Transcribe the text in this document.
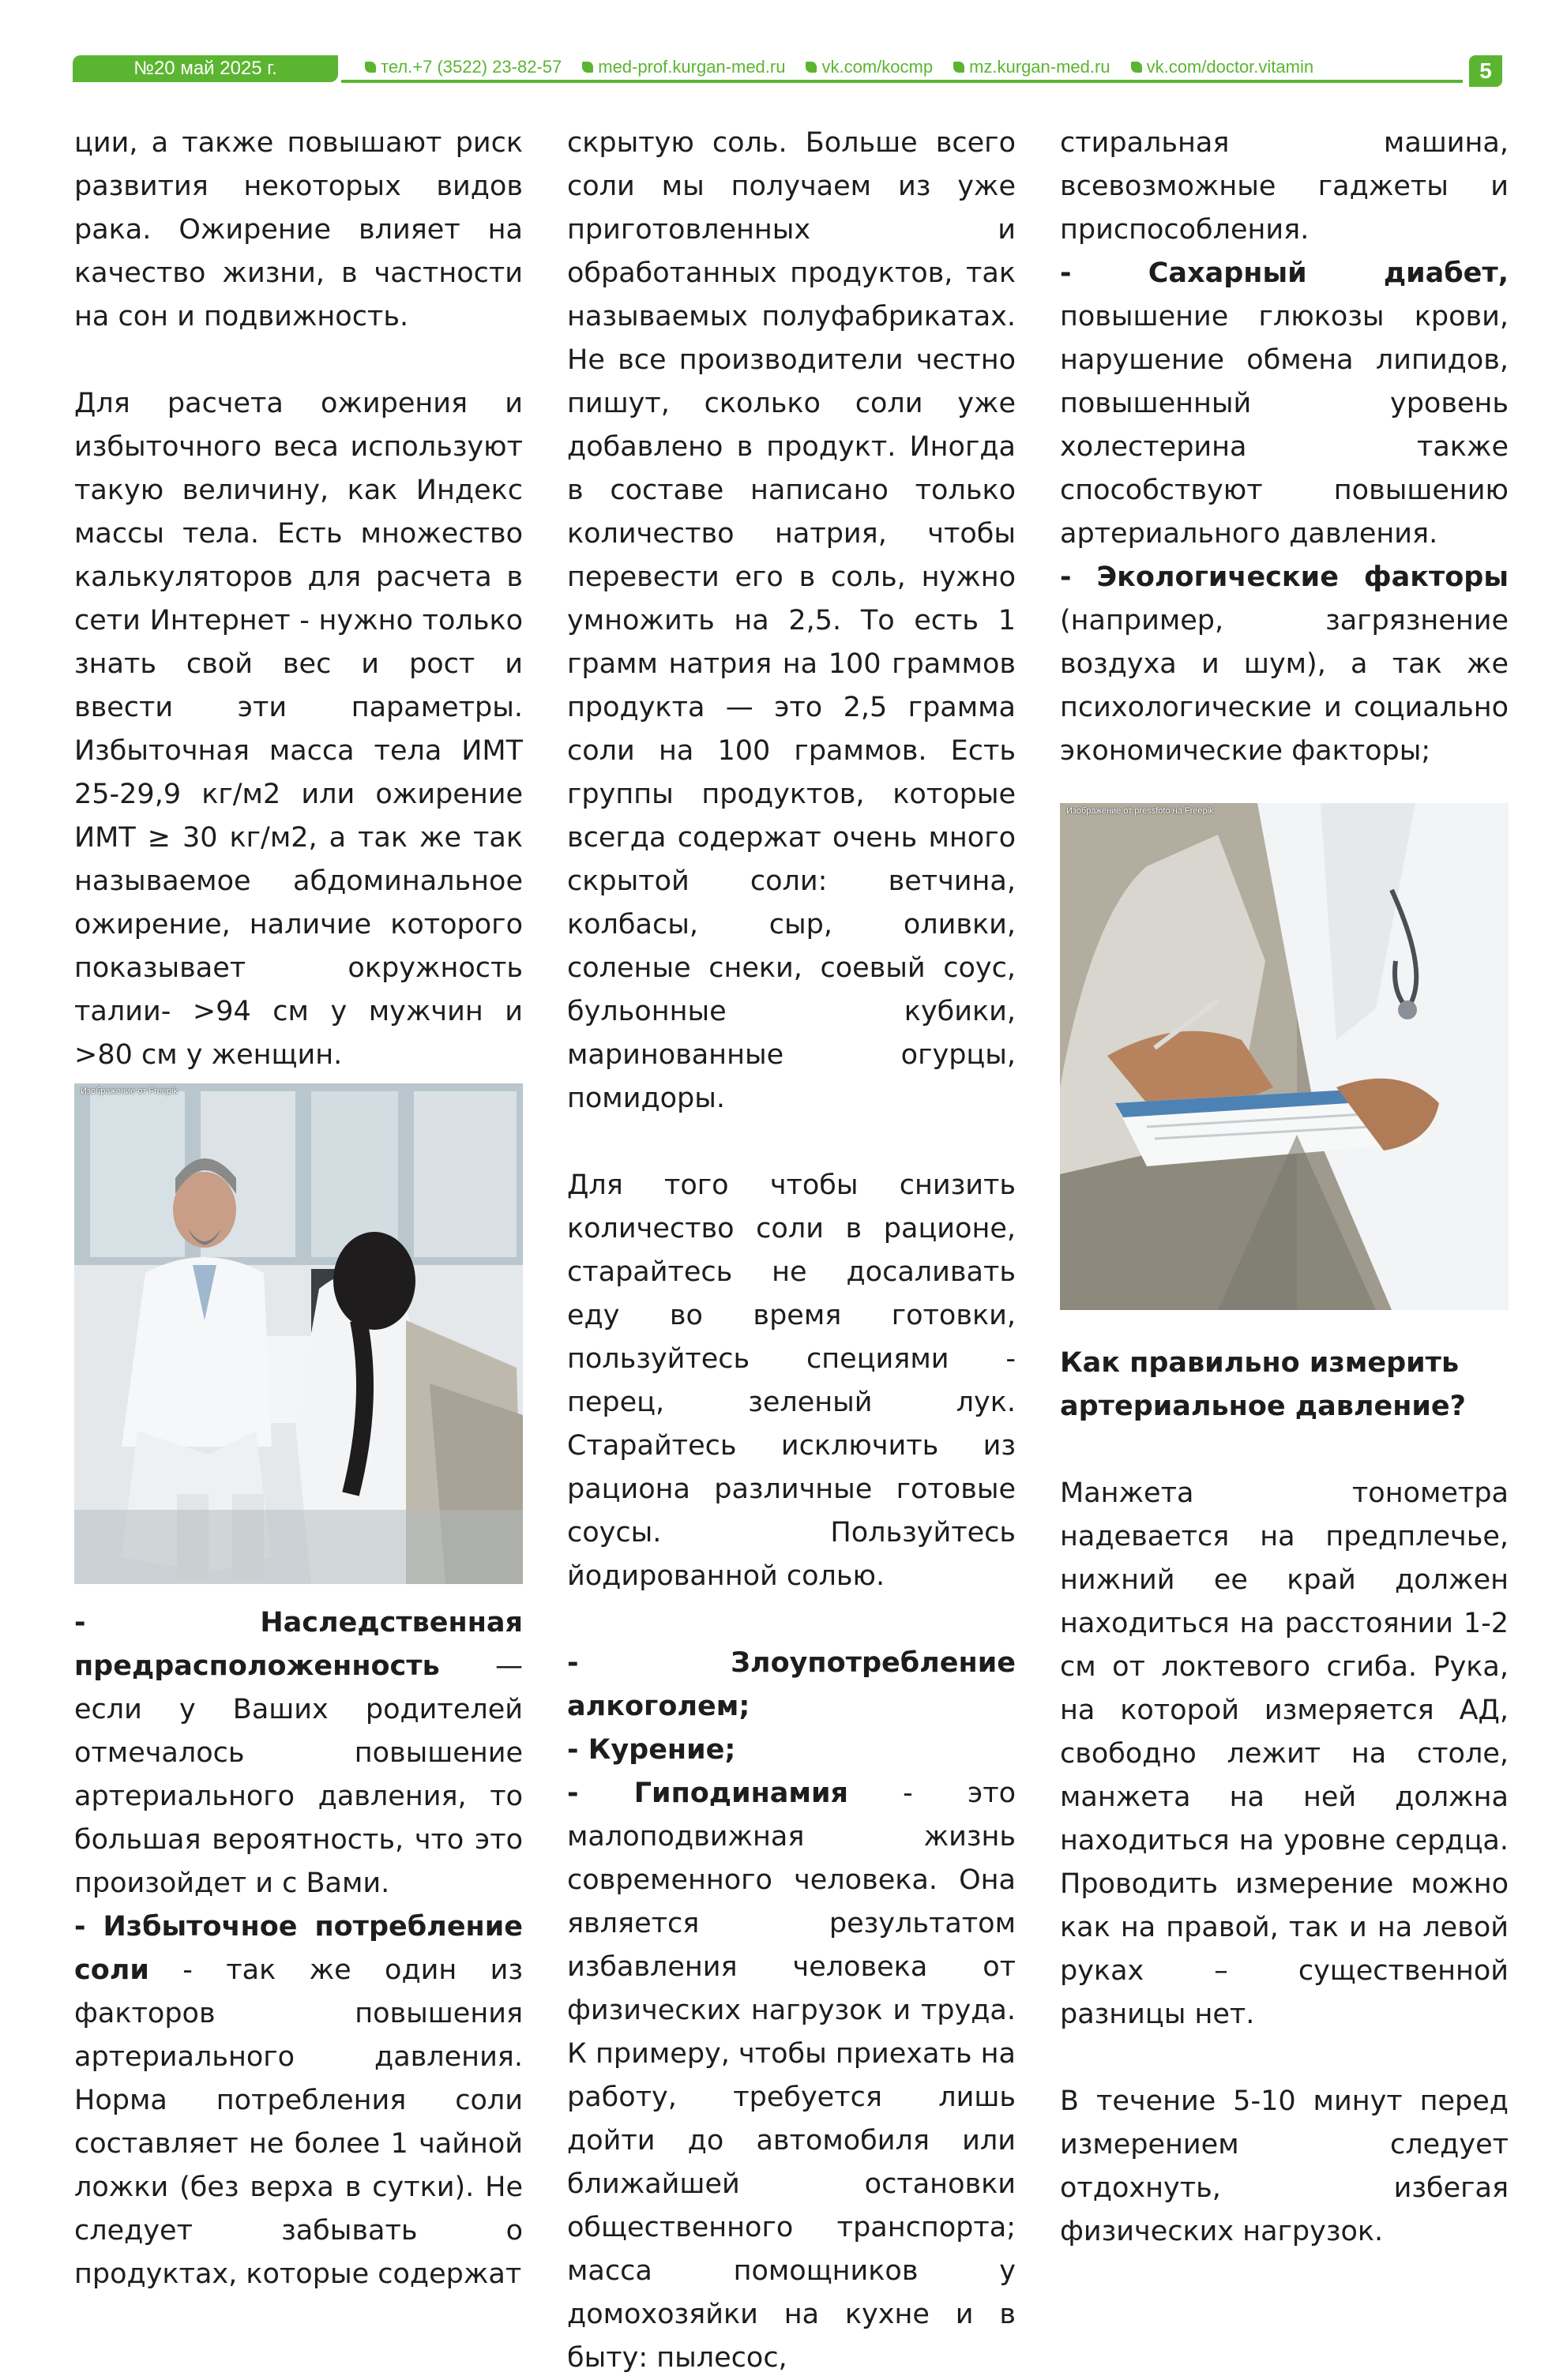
№20 май 2025 г.	тел.+7 (3522) 23-82-57 med-prof.kurgan-med.ru vk.com/kocmp mz.kurgan-med.ru vk.com/doctor.vitamin	5

ции, а также повышают риск развития некоторых видов рака. Ожирение влияет на качество жизни, в частности на сон и подвижность.

Для расчета ожирения и избыточного веса используют такую величину, как Индекс массы тела. Есть множество калькуляторов для расчета в сети Интернет - нужно только знать свой вес и рост и ввести эти параметры. Избыточная масса тела ИМТ 25-29,9 кг/м2 или ожирение ИМТ ≥ 30 кг/м2, а так же так называемое абдоминальное ожирение, наличие которого показывает окружность талии- >94 см у мужчин и >80 см у женщин.

Изображение от Freepik

- Наследственная предрасположенность — если у Ваших родителей отмечалось повышение артериального давления, то большая вероятность, что это произойдет и с Вами.

- Избыточное потребление соли - так же один из факторов повышения артериального давления. Норма потребления соли составляет не более 1 чайной ложки (без верха в сутки). Не следует забывать о продуктах, которые содержат

скрытую соль. Больше всего соли мы получаем из уже приготовленных и обработанных продуктов, так называемых полуфабрикатах. Не все производители честно пишут, сколько соли уже добавлено в продукт. Иногда в составе написано только количество натрия, чтобы перевести его в соль, нужно умножить на 2,5. То есть 1 грамм натрия на 100 граммов продукта — это 2,5 грамма соли на 100 граммов. Есть группы продуктов, которые всегда содержат очень много скрытой соли: ветчина, колбасы, сыр, оливки, соленые снеки, соевый соус, бульонные кубики, маринованные огурцы, помидоры.

Для того чтобы снизить количество соли в рационе, старайтесь не досаливать еду во время готовки, пользуйтесь специями - перец, зеленый лук. Старайтесь исключить из рациона различные готовые соусы. Пользуйтесь йодированной солью.

- Злоупотребление алкоголем;

- Курение;

- Гиподинамия - это малоподвижная жизнь современного человека. Она является результатом избавления человека от физических нагрузок и труда. К примеру, чтобы приехать на работу, требуется лишь дойти до автомобиля или ближайшей остановки общественного транспорта; масса помощников у домохозяйки на кухне и в быту: пылесос,

стиральная машина, всевозможные гаджеты и приспособления.

- Сахарный диабет, повышение глюкозы крови, нарушение обмена липидов, повышенный уровень холестерина также способствуют повышению артериального давления.

- Экологические факторы (например, загрязнение воздуха и шум), а так же психологические и социально экономические факторы;

Изображение от pressfoto на Freepik

Как правильно измерить артериальное давление?

Манжета тонометра надевается на предплечье, нижний ее край должен находиться на расстоянии 1-2 см от локтевого сгиба. Рука, на которой измеряется АД, свободно лежит на столе, манжета на ней должна находиться на уровне сердца. Проводить измерение можно как на правой, так и на левой руках – существенной разницы нет.

В течение 5-10 минут перед измерением следует отдохнуть, избегая физических нагрузок.
